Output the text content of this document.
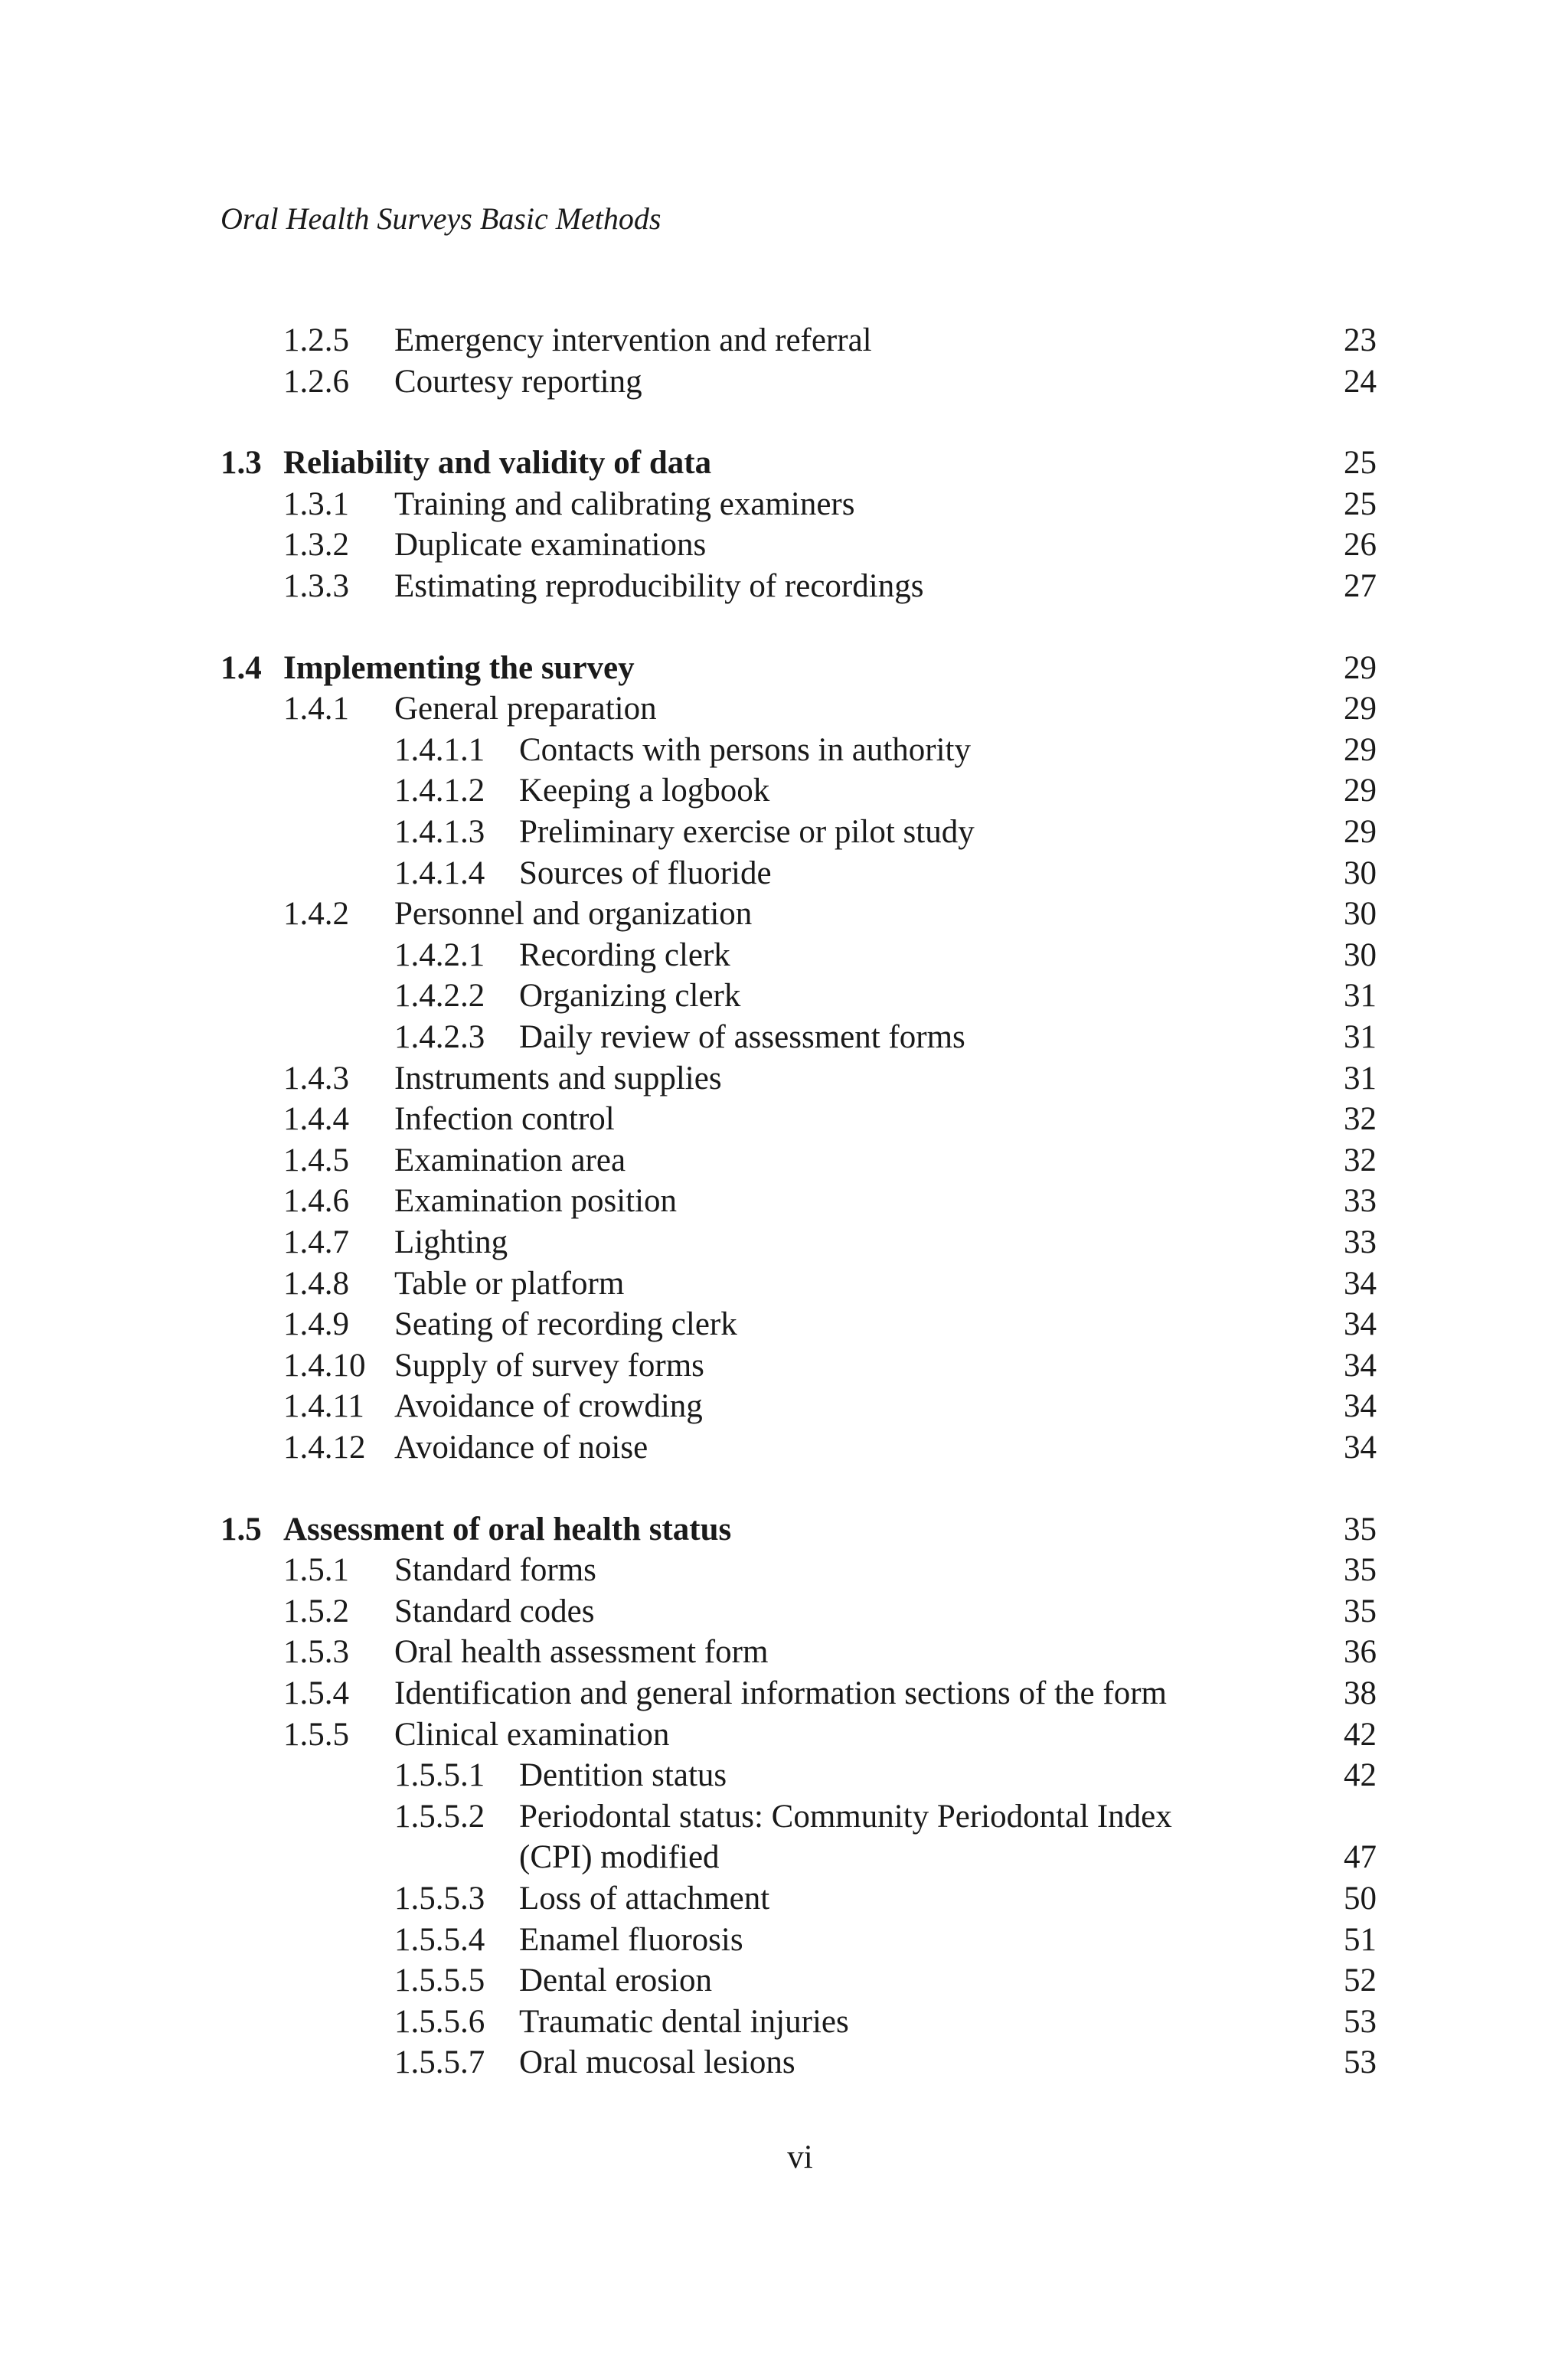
Oral Health Surveys Basic Methods
1.2.5 Emergency intervention and referral	23
1.2.6 Courtesy reporting	24
1.3 Reliability and validity of data	25
1.3.1 Training and calibrating examiners	25
1.3.2 Duplicate examinations	26
1.3.3 Estimating reproducibility of recordings	27
1.4 Implementing the survey	29
1.4.1 General preparation	29
1.4.1.1 Contacts with persons in authority	29
1.4.1.2 Keeping a logbook	29
1.4.1.3 Preliminary exercise or pilot study	29
1.4.1.4 Sources of fluoride	30
1.4.2 Personnel and organization	30
1.4.2.1 Recording clerk	30
1.4.2.2 Organizing clerk	31
1.4.2.3 Daily review of assessment forms	31
1.4.3 Instruments and supplies	31
1.4.4 Infection control	32
1.4.5 Examination area	32
1.4.6 Examination position	33
1.4.7 Lighting	33
1.4.8 Table or platform	34
1.4.9 Seating of recording clerk	34
1.4.10 Supply of survey forms	34
1.4.11 Avoidance of crowding	34
1.4.12 Avoidance of noise	34
1.5 Assessment of oral health status	35
1.5.1 Standard forms	35
1.5.2 Standard codes	35
1.5.3 Oral health assessment form	36
1.5.4 Identification and general information sections of the form	38
1.5.5 Clinical examination	42
1.5.5.1 Dentition status	42
1.5.5.2 Periodontal status: Community Periodontal Index
(CPI) modified	47
1.5.5.3 Loss of attachment	50
1.5.5.4 Enamel fluorosis	51
1.5.5.5 Dental erosion	52
1.5.5.6 Traumatic dental injuries	53
1.5.5.7 Oral mucosal lesions	53
vi
